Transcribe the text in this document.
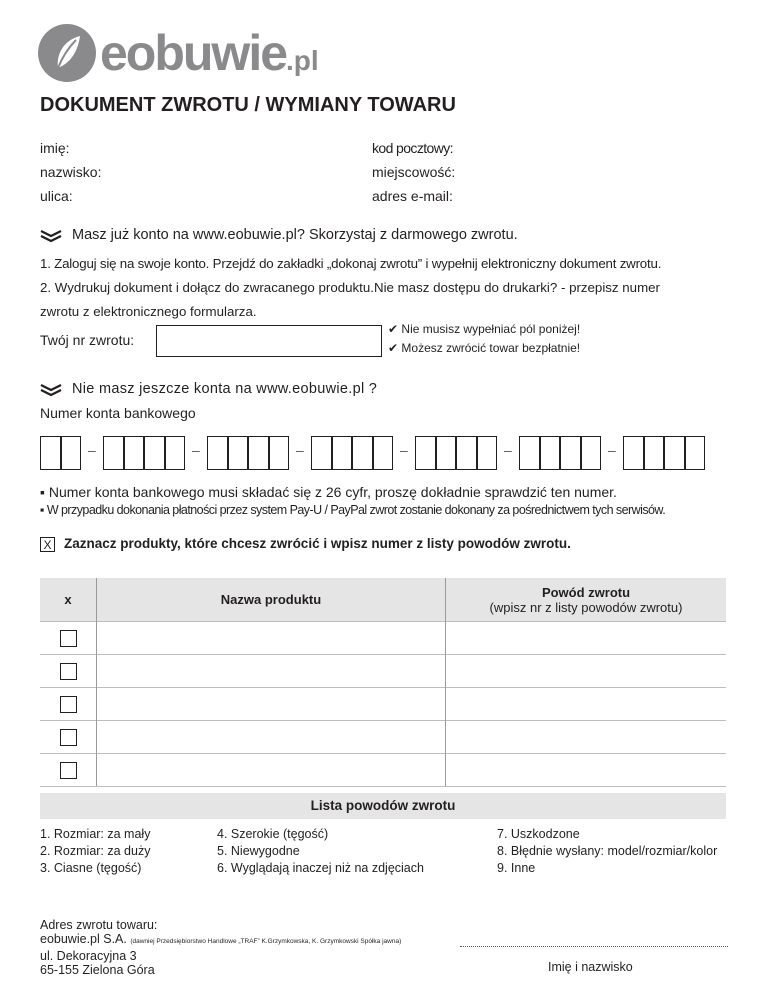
eobuwie.pl
DOKUMENT ZWROTU / WYMIANY TOWARU
imię:
nazwisko:
ulica:
kod pocztowy:
miejscowość:
adres e-mail:
Masz już konto na www.eobuwie.pl? Skorzystaj z darmowego zwrotu.
1. Zaloguj się na swoje konto. Przejdź do zakładki „dokonaj zwrotu” i wypełnij elektroniczny dokument zwrotu.
2. Wydrukuj dokument i dołącz do zwracanego produktu.Nie masz dostępu do drukarki? - przepisz numer
zwrotu z elektronicznego formularza.
Twój nr zwrotu:
✔ Nie musisz wypełniać pól poniżej!
✔ Możesz zwrócić towar bezpłatnie!
Nie masz jeszcze konta na www.eobuwie.pl ?
Numer konta bankowego
–	–	–	–	–	–
▪ Numer konta bankowego musi składać się z 26 cyfr, proszę dokładnie sprawdzić ten numer.
▪ W przypadku dokonania płatności przez system Pay-U / PayPal zwrot zostanie dokonany za pośrednictwem tych serwisów.
X Zaznacz produkty, które chcesz zwrócić i wpisz numer z listy powodów zwrotu.
x	Nazwa produktu	Powód zwrotu
(wpisz nr z listy powodów zwrotu)

Lista powodów zwrotu
1. Rozmiar: za mały
2. Rozmiar: za duży
3. Ciasne (tęgość)
4. Szerokie (tęgość)
5. Niewygodne
6. Wyglądają inaczej niż na zdjęciach
7. Uszkodzone
8. Błędnie wysłany: model/rozmiar/kolor
9. Inne
Adres zwrotu towaru:
eobuwie.pl S.A. (dawniej Przedsiębiorstwo Handlowe „TRAF” K.Grzymkowska, K. Grzymkowski Spółka jawna)
ul. Dekoracyjna 3
65-155 Zielona Góra	Imię i nazwisko
